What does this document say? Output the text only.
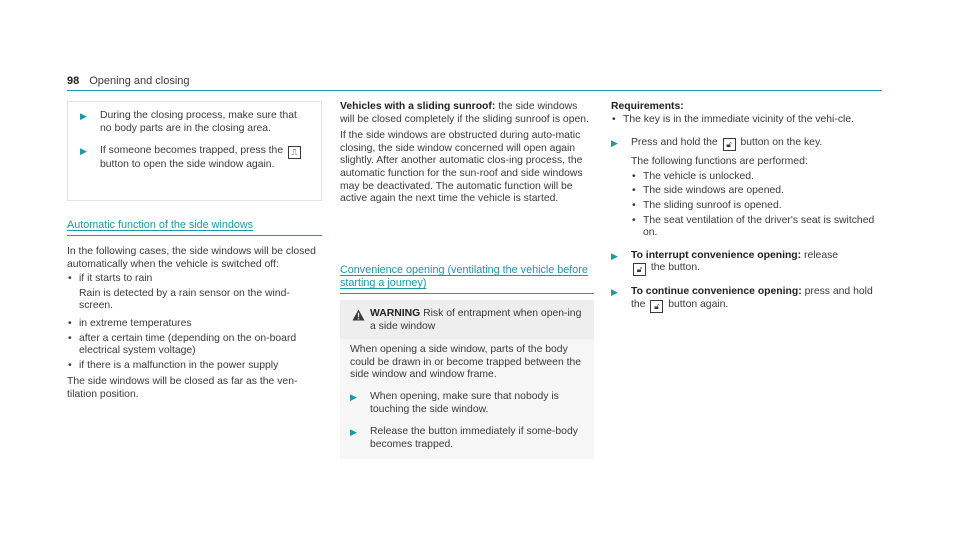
98 Opening and closing
▶ During the closing process, make sure that no body parts are in the closing area.
▶ If someone becomes trapped, press the ⎍ button to open the side window again.
Automatic function of the side windows

In the following cases, the side windows will be closed automatically when the vehicle is switched off:

• if it starts to rain
Rain is detected by a rain sensor on the wind-screen.
• in extreme temperatures
• after a certain time (depending on the on-board electrical system voltage)
• if there is a malfunction in the power supply

The side windows will be closed as far as the ven-tilation position.

Vehicles with a sliding sunroof: the side windows will be closed completely if the sliding sunroof is open.

If the side windows are obstructed during auto-matic closing, the side window concerned will open again slightly. After another automatic clos-ing process, the automatic function for the sun-roof and side windows may be deactivated. The automatic function will be active again the next time the vehicle is started.

Convenience opening (ventilating the vehicle before starting a journey)
WARNING Risk of entrapment when open-ing a side window

When opening a side window, parts of the body could be drawn in or become trapped between the side window and window frame.

▶ When opening, make sure that nobody is touching the side window.
▶ Release the button immediately if some-body becomes trapped.
Requirements:
• The key is in the immediate vicinity of the vehi-cle.
▶ Press and hold the 🔓︎ button on the key.

The following functions are performed:

• The vehicle is unlocked.
• The side windows are opened.
• The sliding sunroof is opened.
• The seat ventilation of the driver's seat is switched on.
▶ To interrupt convenience opening: release
🔓︎ the button.
▶ To continue convenience opening: press and hold the 🔓︎ button again.
